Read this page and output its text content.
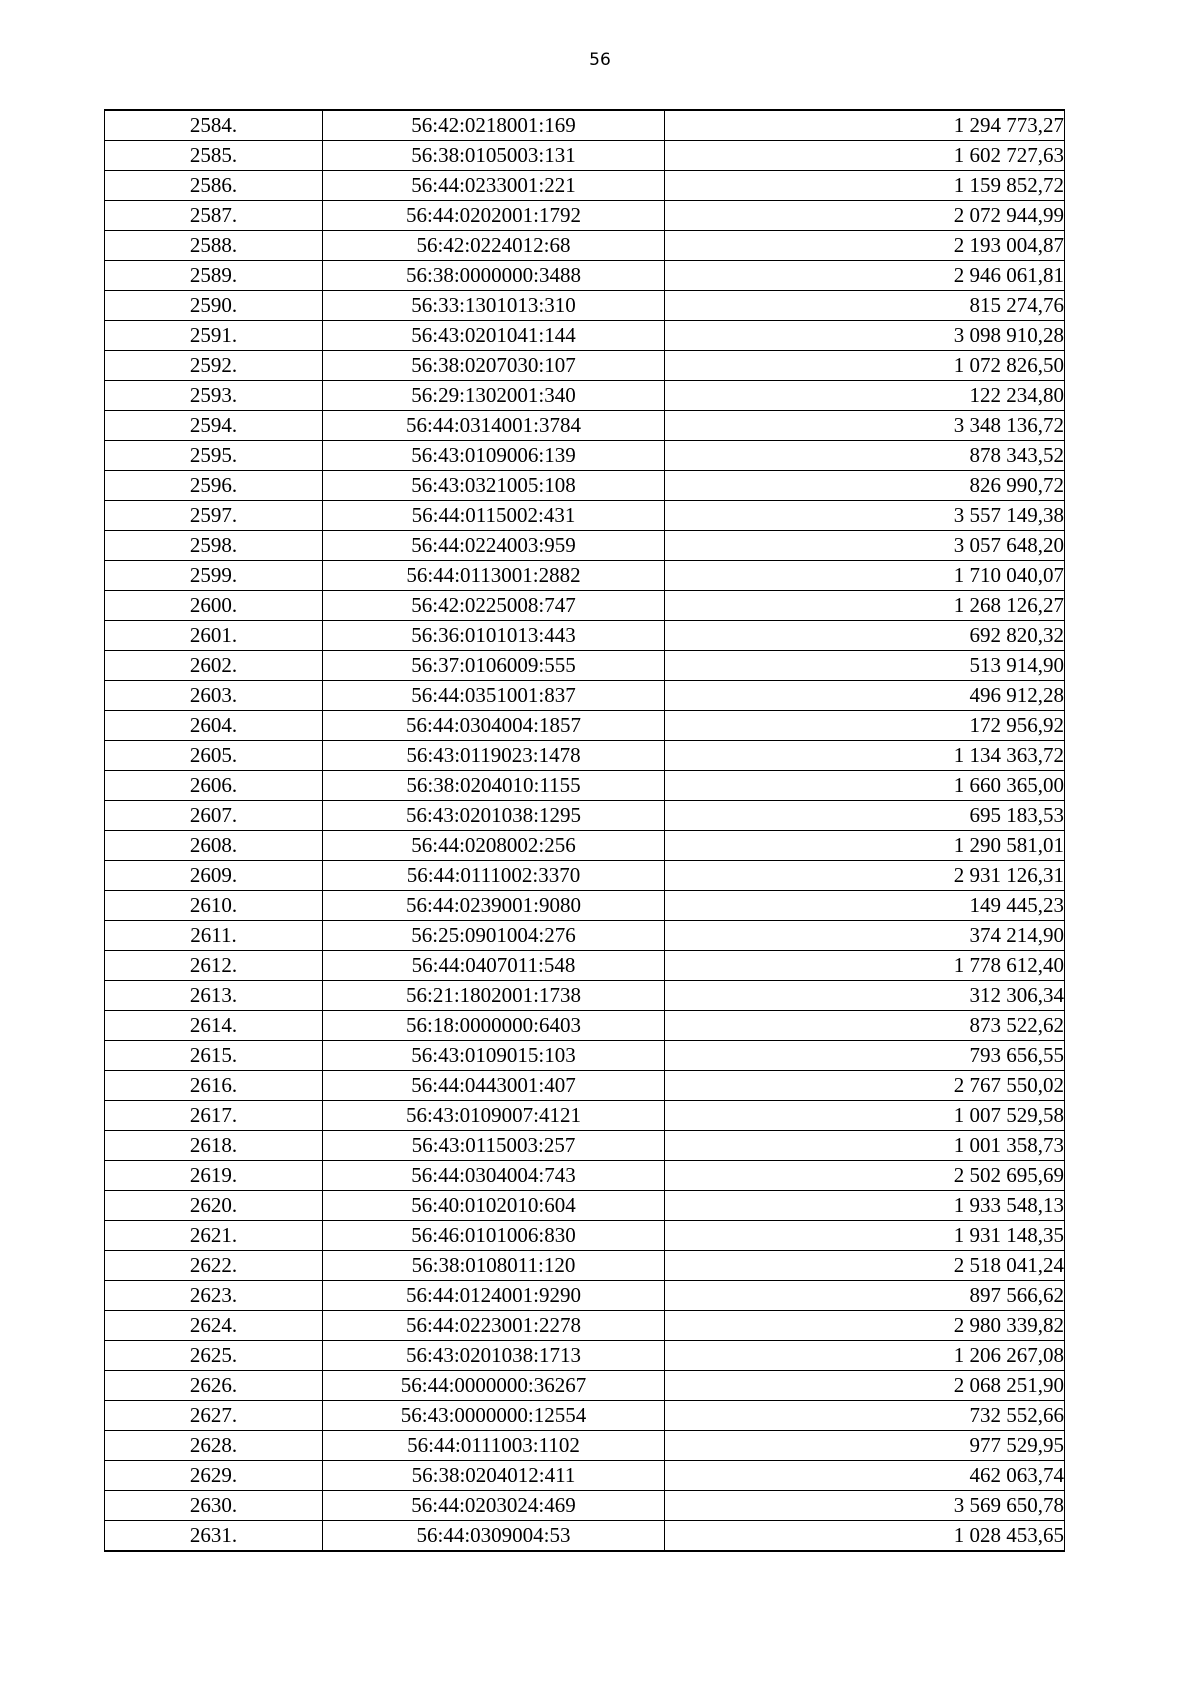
56
2584.	56:42:0218001:169	1 294 773,27
2585.	56:38:0105003:131	1 602 727,63
2586.	56:44:0233001:221	1 159 852,72
2587.	56:44:0202001:1792	2 072 944,99
2588.	56:42:0224012:68	2 193 004,87
2589.	56:38:0000000:3488	2 946 061,81
2590.	56:33:1301013:310	815 274,76
2591.	56:43:0201041:144	3 098 910,28
2592.	56:38:0207030:107	1 072 826,50
2593.	56:29:1302001:340	122 234,80
2594.	56:44:0314001:3784	3 348 136,72
2595.	56:43:0109006:139	878 343,52
2596.	56:43:0321005:108	826 990,72
2597.	56:44:0115002:431	3 557 149,38
2598.	56:44:0224003:959	3 057 648,20
2599.	56:44:0113001:2882	1 710 040,07
2600.	56:42:0225008:747	1 268 126,27
2601.	56:36:0101013:443	692 820,32
2602.	56:37:0106009:555	513 914,90
2603.	56:44:0351001:837	496 912,28
2604.	56:44:0304004:1857	172 956,92
2605.	56:43:0119023:1478	1 134 363,72
2606.	56:38:0204010:1155	1 660 365,00
2607.	56:43:0201038:1295	695 183,53
2608.	56:44:0208002:256	1 290 581,01
2609.	56:44:0111002:3370	2 931 126,31
2610.	56:44:0239001:9080	149 445,23
2611.	56:25:0901004:276	374 214,90
2612.	56:44:0407011:548	1 778 612,40
2613.	56:21:1802001:1738	312 306,34
2614.	56:18:0000000:6403	873 522,62
2615.	56:43:0109015:103	793 656,55
2616.	56:44:0443001:407	2 767 550,02
2617.	56:43:0109007:4121	1 007 529,58
2618.	56:43:0115003:257	1 001 358,73
2619.	56:44:0304004:743	2 502 695,69
2620.	56:40:0102010:604	1 933 548,13
2621.	56:46:0101006:830	1 931 148,35
2622.	56:38:0108011:120	2 518 041,24
2623.	56:44:0124001:9290	897 566,62
2624.	56:44:0223001:2278	2 980 339,82
2625.	56:43:0201038:1713	1 206 267,08
2626.	56:44:0000000:36267	2 068 251,90
2627.	56:43:0000000:12554	732 552,66
2628.	56:44:0111003:1102	977 529,95
2629.	56:38:0204012:411	462 063,74
2630.	56:44:0203024:469	3 569 650,78
2631.	56:44:0309004:53	1 028 453,65
